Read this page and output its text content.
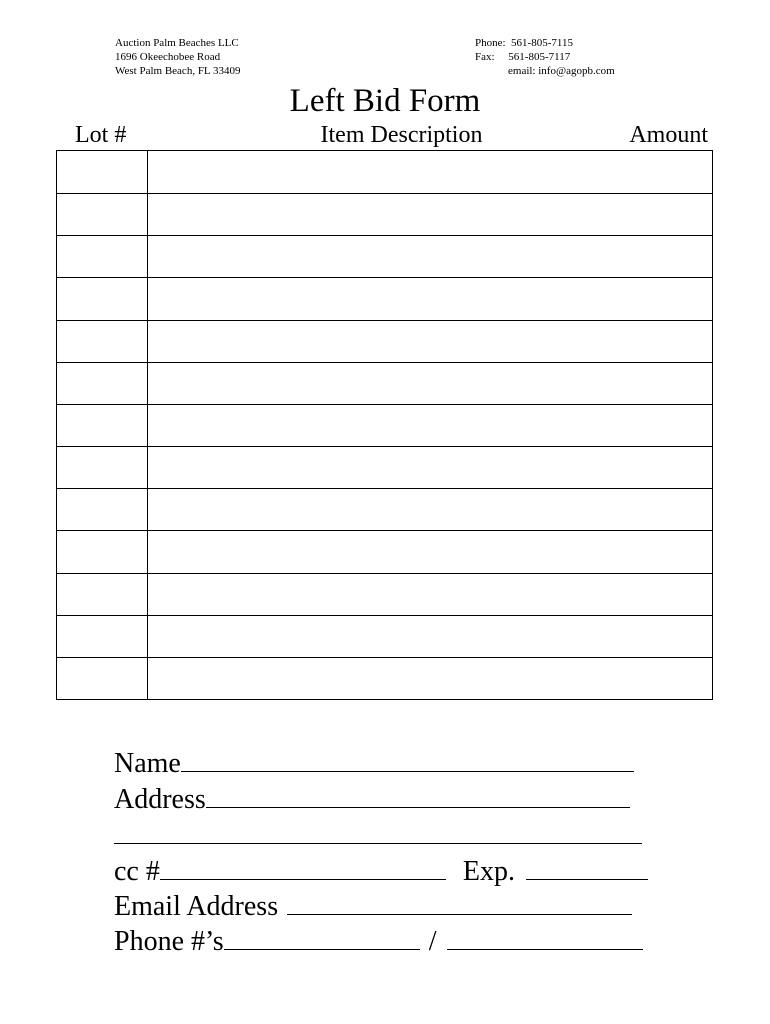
Auction Palm Beaches LLC
1696 Okeechobee Road
West Palm Beach, FL 33409
Phone:  561-805-7115
Fax:     561-805-7117
email: info@agopb.com
Left Bid Form
Lot #	Item Description	Amount
Name
Address
cc #	Exp.
Email Address
Phone #’s	/
